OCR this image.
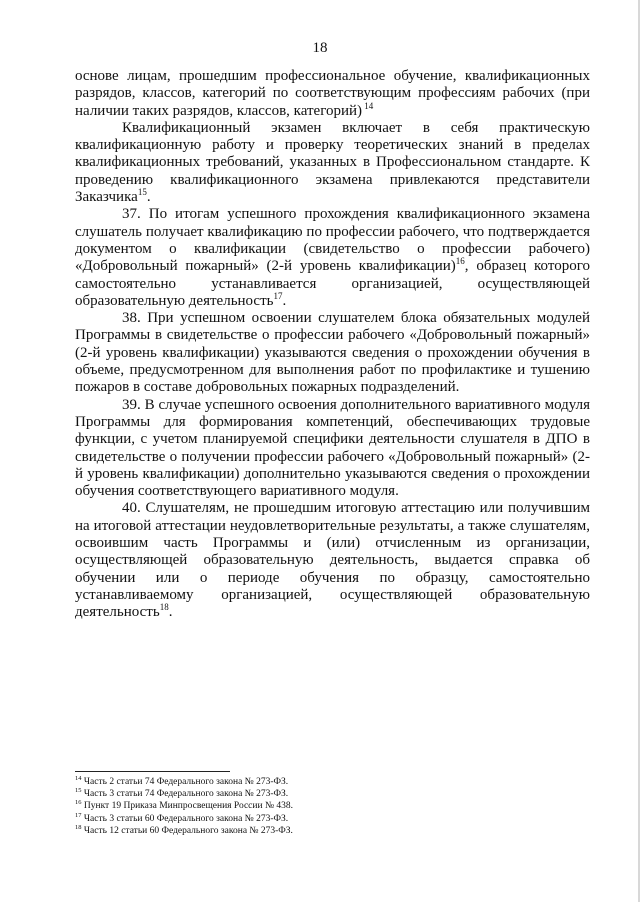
18

основе лицам, прошедшим профессиональное обучение, квалификационных разрядов, классов, категорий по соответствующим профессиям рабочих (при наличии таких разрядов, классов, категорий) $^{14}$

Квалификационный экзамен включает в себя практическую квалификационную работу и проверку теоретических знаний в пределах квалификационных требований, указанных в Профессиональном стандарте. К проведению квалификационного экзамена привлекаются представители Заказчика$^{15}$.

37. По итогам успешного прохождения квалификационного экзамена слушатель получает квалификацию по профессии рабочего, что подтверждается документом о квалификации (свидетельство о профессии рабочего) «Добровольный пожарный» (2-й уровень квалификации)$^{16}$, образец которого самостоятельно устанавливается организацией, осуществляющей образовательную деятельность$^{17}$.

38. При успешном освоении слушателем блока обязательных модулей Программы в свидетельстве о профессии рабочего «Добровольный пожарный» (2-й уровень квалификации) указываются сведения о прохождении обучения в объеме, предусмотренном для выполнения работ по профилактике и тушению пожаров в составе добровольных пожарных подразделений.

39. В случае успешного освоения дополнительного вариативного модуля Программы для формирования компетенций, обеспечивающих трудовые функции, с учетом планируемой специфики деятельности слушателя в ДПО в свидетельстве о получении профессии рабочего «Добровольный пожарный» (2-й уровень квалификации) дополнительно указываются сведения о прохождении обучения соответствующего вариативного модуля.

40. Слушателям, не прошедшим итоговую аттестацию или получившим на итоговой аттестации неудовлетворительные результаты, а также слушателям, освоившим часть Программы и (или) отчисленным из организации, осуществляющей образовательную деятельность, выдается справка об обучении или о периоде обучения по образцу, самостоятельно устанавливаемому организацией, осуществляющей образовательную деятельность$^{18}$.

$^{14}$ Часть 2 статьи 74 Федерального закона № 273-ФЗ.
$^{15}$ Часть 3 статьи 74 Федерального закона № 273-ФЗ.
$^{16}$ Пункт 19 Приказа Минпросвещения России № 438.
$^{17}$ Часть 3 статьи 60 Федерального закона № 273-ФЗ.
$^{18}$ Часть 12 статьи 60 Федерального закона № 273-ФЗ.
